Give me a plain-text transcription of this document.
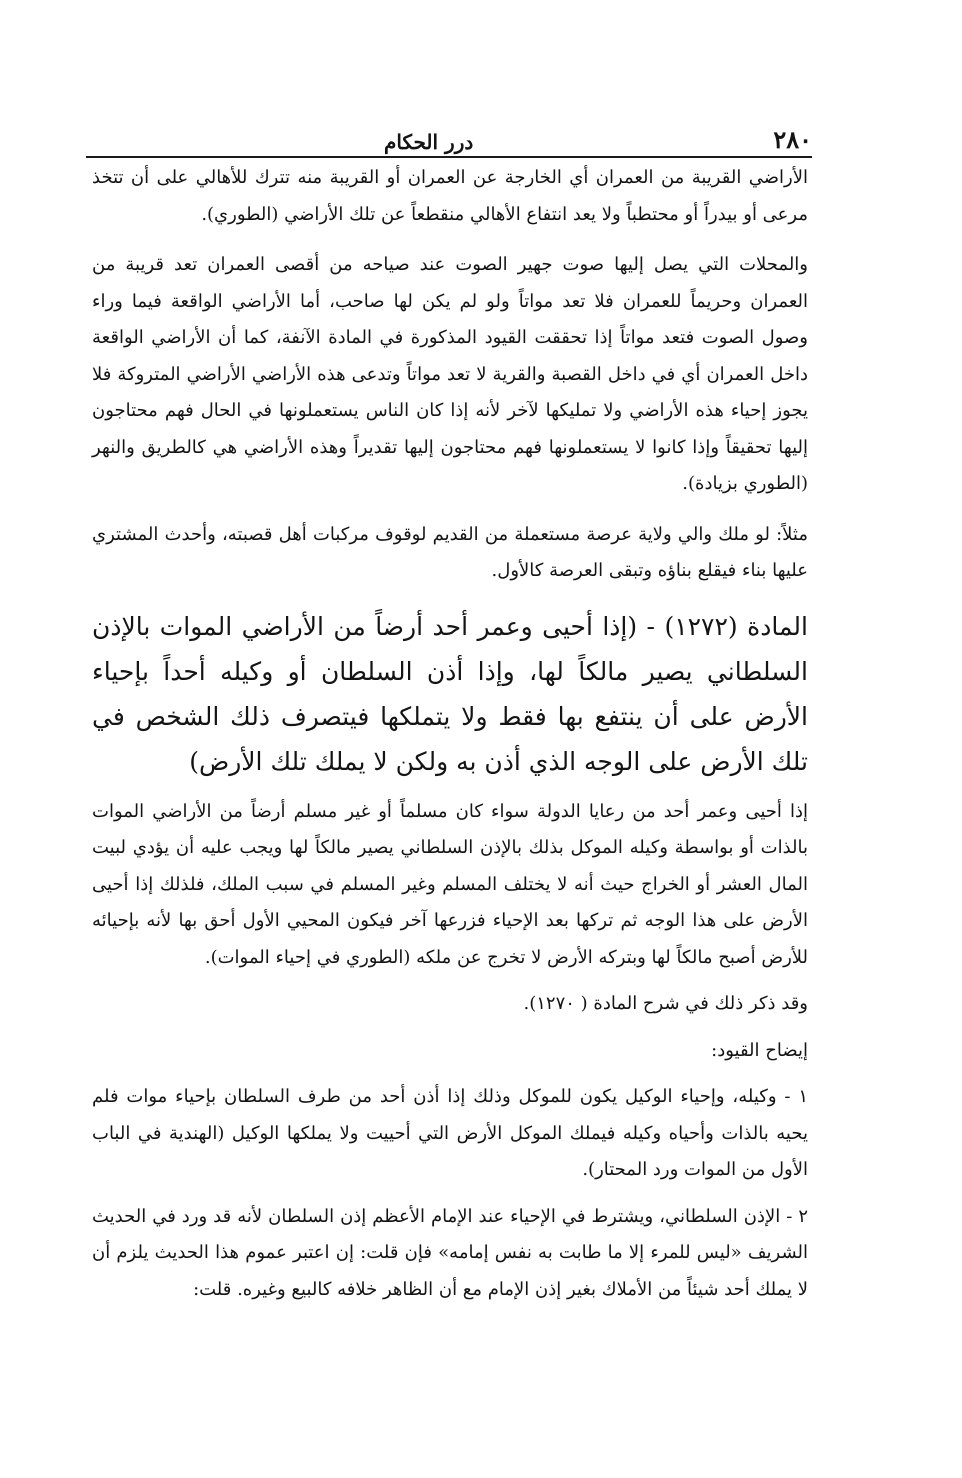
٢٨٠
درر الحكام

الأراضي القريبة من العمران أي الخارجة عن العمران أو القريبة منه تترك للأهالي على أن تتخذ مرعى أو بيدراً أو محتطباً ولا يعد انتفاع الأهالي منقطعاً عن تلك الأراضي (الطوري).

والمحلات التي يصل إليها صوت جهير الصوت عند صياحه من أقصى العمران تعد قريبة من العمران وحريماً للعمران فلا تعد مواتاً ولو لم يكن لها صاحب، أما الأراضي الواقعة فيما وراء وصول الصوت فتعد مواتاً إذا تحققت القيود المذكورة في المادة الآنفة، كما أن الأراضي الواقعة داخل العمران أي في داخل القصبة والقرية لا تعد مواتاً وتدعى هذه الأراضي الأراضي المتروكة فلا يجوز إحياء هذه الأراضي ولا تمليكها لآخر لأنه إذا كان الناس يستعملونها في الحال فهم محتاجون إليها تحقيقاً وإذا كانوا لا يستعملونها فهم محتاجون إليها تقديراً وهذه الأراضي هي كالطريق والنهر (الطوري بزيادة).

مثلاً: لو ملك والي ولاية عرصة مستعملة من القديم لوقوف مركبات أهل قصبته، وأحدث المشتري عليها بناء فيقلع بناؤه وتبقى العرصة كالأول.

المادة (١٢٧٢) - (إذا أحيى وعمر أحد أرضاً من الأراضي الموات بالإذن السلطاني يصير مالكاً لها، وإذا أذن السلطان أو وكيله أحداً بإحياء الأرض على أن ينتفع بها فقط ولا يتملكها فيتصرف ذلك الشخص في تلك الأرض على الوجه الذي أذن به ولكن لا يملك تلك الأرض)

إذا أحيى وعمر أحد من رعايا الدولة سواء كان مسلماً أو غير مسلم أرضاً من الأراضي الموات بالذات أو بواسطة وكيله الموكل بذلك بالإذن السلطاني يصير مالكاً لها ويجب عليه أن يؤدي لبيت المال العشر أو الخراج حيث أنه لا يختلف المسلم وغير المسلم في سبب الملك، فلذلك إذا أحيى الأرض على هذا الوجه ثم تركها بعد الإحياء فزرعها آخر فيكون المحيي الأول أحق بها لأنه بإحيائه للأرض أصبح مالكاً لها وبتركه الأرض لا تخرج عن ملكه (الطوري في إحياء الموات).

وقد ذكر ذلك في شرح المادة ( ١٢٧٠).

إيضاح القيود:

١ - وكيله، وإحياء الوكيل يكون للموكل وذلك إذا أذن أحد من طرف السلطان بإحياء موات فلم يحيه بالذات وأحياه وكيله فيملك الموكل الأرض التي أحييت ولا يملكها الوكيل (الهندية في الباب الأول من الموات ورد المحتار).

٢ - الإذن السلطاني، ويشترط في الإحياء عند الإمام الأعظم إذن السلطان لأنه قد ورد في الحديث الشريف «ليس للمرء إلا ما طابت به نفس إمامه» فإن قلت: إن اعتبر عموم هذا الحديث يلزم أن لا يملك أحد شيئاً من الأملاك بغير إذن الإمام مع أن الظاهر خلافه كالبيع وغيره. قلت:
